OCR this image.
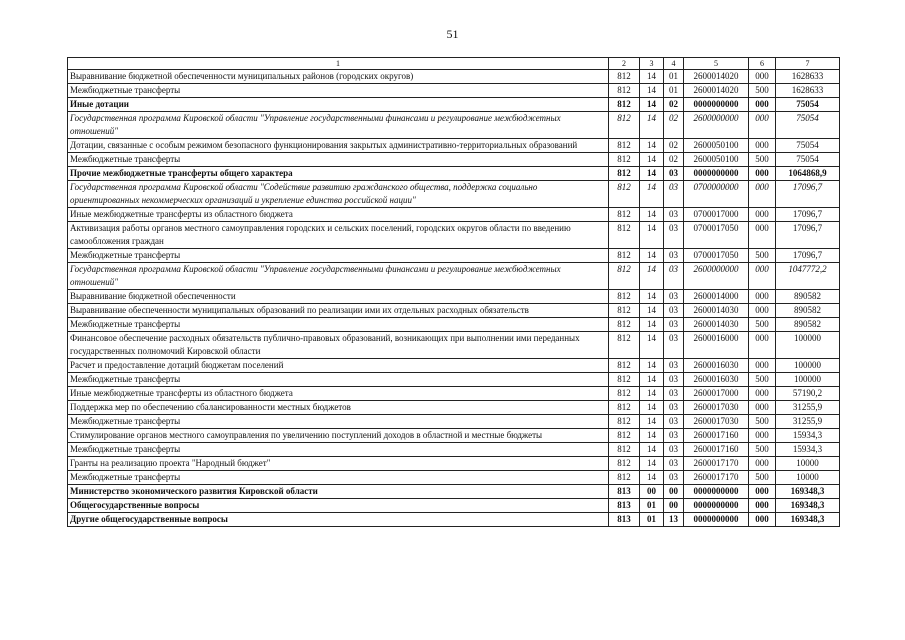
51
1	2	3	4	5	6	7
Выравнивание бюджетной обеспеченности муниципальных районов (городских округов)	812	14	01	2600014020	000	1628633
Межбюджетные трансферты	812	14	01	2600014020	500	1628633
Иные дотации	812	14	02	0000000000	000	75054
Государственная программа Кировской области "Управление государственными финансами и регулирование межбюджетных отношений"	812	14	02	2600000000	000	75054
Дотации, связанные с особым режимом безопасного функционирования закрытых административно-территориальных образований	812	14	02	2600050100	000	75054
Межбюджетные трансферты	812	14	02	2600050100	500	75054
Прочие межбюджетные трансферты общего характера	812	14	03	0000000000	000	1064868,9
Государственная программа Кировской области "Содействие развитию гражданского общества, поддержка социально ориентированных некоммерческих организаций и укрепление единства российской нации"	812	14	03	0700000000	000	17096,7
Иные межбюджетные трансферты из областного бюджета	812	14	03	0700017000	000	17096,7
Активизация работы органов местного самоуправления городских и сельских поселений, городских округов области по введению самообложения граждан	812	14	03	0700017050	000	17096,7
Межбюджетные трансферты	812	14	03	0700017050	500	17096,7
Государственная программа Кировской области "Управление государственными финансами и регулирование межбюджетных отношений"	812	14	03	2600000000	000	1047772,2
Выравнивание бюджетной обеспеченности	812	14	03	2600014000	000	890582
Выравнивание обеспеченности муниципальных образований по реализации ими их отдельных расходных обязательств	812	14	03	2600014030	000	890582
Межбюджетные трансферты	812	14	03	2600014030	500	890582
Финансовое обеспечение расходных обязательств публично-правовых образований, возникающих при выполнении ими переданных государственных полномочий Кировской области	812	14	03	2600016000	000	100000
Расчет и предоставление дотаций бюджетам поселений	812	14	03	2600016030	000	100000
Межбюджетные трансферты	812	14	03	2600016030	500	100000
Иные межбюджетные трансферты из областного бюджета	812	14	03	2600017000	000	57190,2
Поддержка мер по обеспечению сбалансированности местных бюджетов	812	14	03	2600017030	000	31255,9
Межбюджетные трансферты	812	14	03	2600017030	500	31255,9
Стимулирование органов местного самоуправления по увеличению поступлений доходов в областной и местные бюджеты	812	14	03	2600017160	000	15934,3
Межбюджетные трансферты	812	14	03	2600017160	500	15934,3
Гранты на реализацию проекта "Народный бюджет"	812	14	03	2600017170	000	10000
Межбюджетные трансферты	812	14	03	2600017170	500	10000
Министерство экономического развития Кировской области	813	00	00	0000000000	000	169348,3
Общегосударственные вопросы	813	01	00	0000000000	000	169348,3
Другие общегосударственные вопросы	813	01	13	0000000000	000	169348,3
